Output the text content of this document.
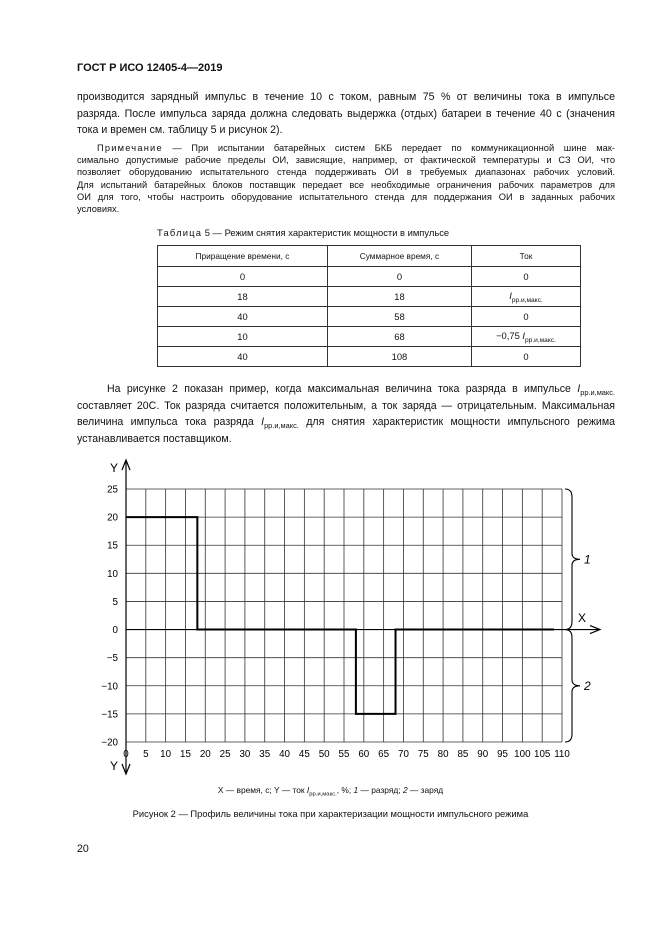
ГОСТ Р ИСО 12405-4—2019
производится зарядный импульс в течение 10 с током, равным 75 % от величины тока в импульсе
разряда. После импульса заряда должна следовать выдержка (отдых) батареи в течение 40 с (значения
тока и времен см. таблицу 5 и рисунок 2).
Примечание — При испытании батарейных систем БКБ передает по коммуникационной шине мак-
симально допустимые рабочие пределы ОИ, зависящие, например, от фактической температуры и СЗ ОИ, что
позволяет оборудованию испытательного стенда поддерживать ОИ в требуемых диапазонах рабочих условий.
Для испытаний батарейных блоков поставщик передает все необходимые ограничения рабочих параметров для
ОИ для того, чтобы настроить оборудование испытательного стенда для поддержания ОИ в заданных рабочих
условиях.
Таблица 5 — Режим снятия характеристик мощности в импульсе
Приращение времени, с	Суммарное время, с	Ток
0	0	0
18	18	$I_{рр.и,макс.}$
40	58	0
10	68	−0,75 $I_{рр.и,макс.}$
40	108	0
На рисунке 2 показан пример, когда максимальная величина тока разряда в импульсе $I_{рр.и,макс.}$
составляет 20С. Ток разряда считается положительным, а ток заряда — отрицательным. Максимальная
величина импульса тока разряда $I_{рр.и,макс.}$ для снятия характеристик мощности импульсного режима
устанавливается поставщиком.
Y
Y
X
0 5 10 15 20 25 30 35 40 45 50 55 60 65 70 75 80 85 90 95 100 105 110
25
20
15
10
5
0
−5
−10
−15
−20
1
2
X — время, с; Y — ток $I_{рр.и,макс.}$, %; 1 — разряд; 2 — заряд
Рисунок 2 — Профиль величины тока при характеризации мощности импульсного режима
20
